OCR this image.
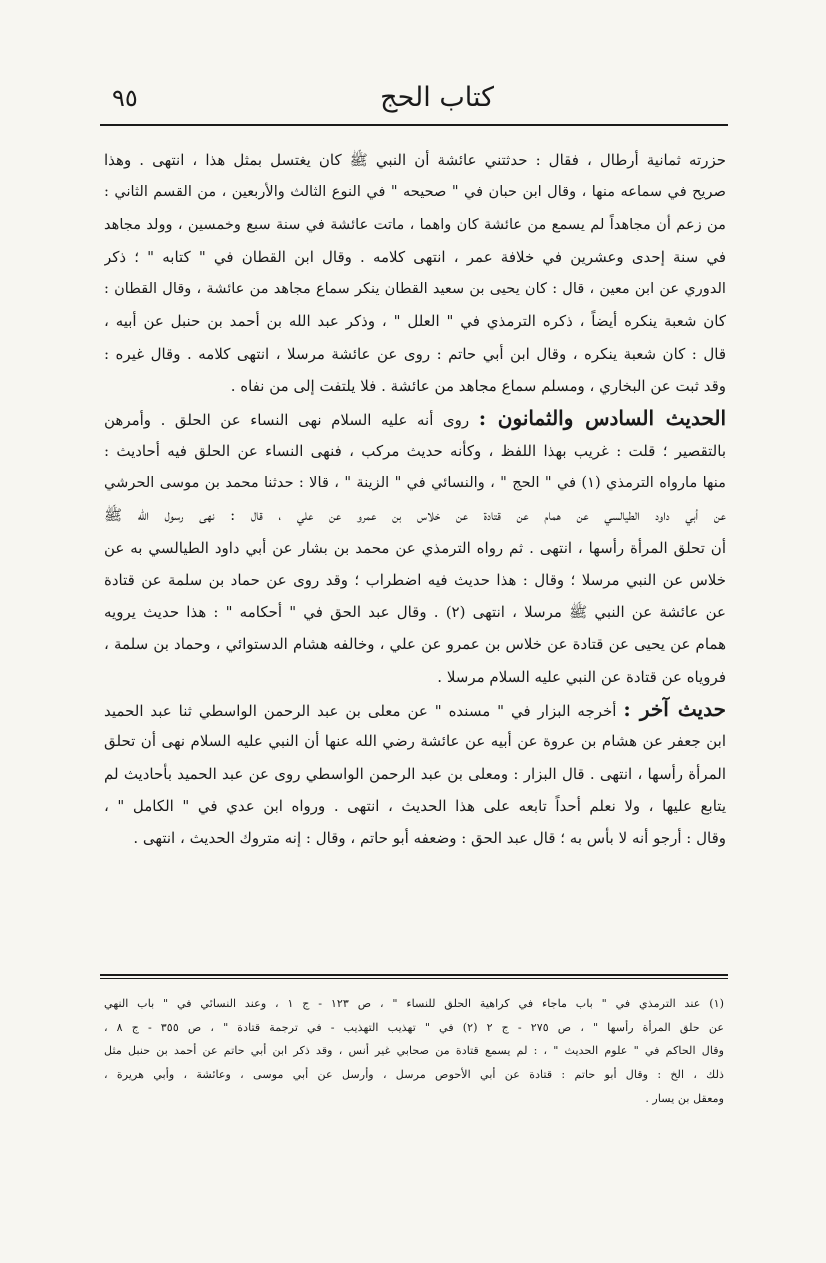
كتاب الحج
٩٥
حزرته ثمانية أرطال ، فقال : حدثتني عائشة أن النبي ﷺ كان يغتسل بمثل هذا ، انتهى . وهذا
صريح في سماعه منها ، وقال ابن حبان في " صحيحه " في النوع الثالث والأربعين ، من القسم الثاني :
من زعم أن مجاهداً لم يسمع من عائشة كان واهما ، ماتت عائشة في سنة سبع وخمسين ، وولد مجاهد
في سنة إحدى وعشرين في خلافة عمر ، انتهى كلامه . وقال ابن القطان في " كتابه " ؛ ذكر
الدوري عن ابن معين ، قال : كان يحيى بن سعيد القطان ينكر سماع مجاهد من عائشة ، وقال القطان :
كان شعبة ينكره أيضاً ، ذكره الترمذي في " العلل " ، وذكر عبد الله بن أحمد بن حنبل عن أبيه ،
قال : كان شعبة ينكره ، وقال ابن أبي حاتم : روى عن عائشة مرسلا ، انتهى كلامه . وقال غيره :
وقد ثبت عن البخاري ، ومسلم سماع مجاهد من عائشة . فلا يلتفت إلى من نفاه .
الحديث السادس والثمانون : روى أنه عليه السلام نهى النساء عن الحلق . وأمرهن
بالتقصير ؛ قلت : غريب بهذا اللفظ ، وكأنه حديث مركب ، فنهى النساء عن الحلق فيه أحاديث :
منها مارواه الترمذي (١) في " الحج " ، والنسائي في " الزينة " ، قالا : حدثنا محمد بن موسى الحرشي
عن أبي داود الطيالسي عن همام عن قتادة عن خلاس بن عمرو عن علي ، قال : نهى رسول الله ﷺ
أن تحلق المرأة رأسها ، انتهى . ثم رواه الترمذي عن محمد بن بشار عن أبي داود الطيالسي به عن
خلاس عن النبي مرسلا ؛ وقال : هذا حديث فيه اضطراب ؛ وقد روى عن حماد بن سلمة عن قتادة
عن عائشة عن النبي ﷺ مرسلا ، انتهى (٢) . وقال عبد الحق في " أحكامه " : هذا حديث يرويه
همام عن يحيى عن قتادة عن خلاس بن عمرو عن علي ، وخالفه هشام الدستوائي ، وحماد بن سلمة ،
فروياه عن قتادة عن النبي عليه السلام مرسلا .
حديث آخر : أخرجه البزار في " مسنده " عن معلى بن عبد الرحمن الواسطي ثنا عبد الحميد
ابن جعفر عن هشام بن عروة عن أبيه عن عائشة رضي الله عنها أن النبي عليه السلام نهى أن تحلق
المرأة رأسها ، انتهى . قال البزار : ومعلى بن عبد الرحمن الواسطي روى عن عبد الحميد بأحاديث لم
يتابع عليها ، ولا نعلم أحداً تابعه على هذا الحديث ، انتهى . ورواه ابن عدي في " الكامل " ،
وقال : أرجو أنه لا بأس به ؛ قال عبد الحق : وضعفه أبو حاتم ، وقال : إنه متروك الحديث ، انتهى .
(١) عند الترمذي في " باب ماجاء في كراهية الحلق للنساء " ، ص ١٢٣ - ج ١ ، وعند النسائي في " باب النهي
عن حلق المرأة رأسها " ، ص ٢٧٥ - ج ٢ (٢) في " تهذيب التهذيب - في ترجمة قتادة " ، ص ٣٥٥ - ج ٨ ،
وقال الحاكم في " علوم الحديث " ، : لم يسمع قتادة من صحابي غير أنس ، وقد ذكر ابن أبي حاتم عن أحمد بن حنبل مثل
ذلك ، الخ : وقال أبو حاتم : قتادة عن أبي الأحوص مرسل ، وأرسل عن أبي موسى ، وعائشة ، وأبي هريرة ،
ومعقل بن يسار .
